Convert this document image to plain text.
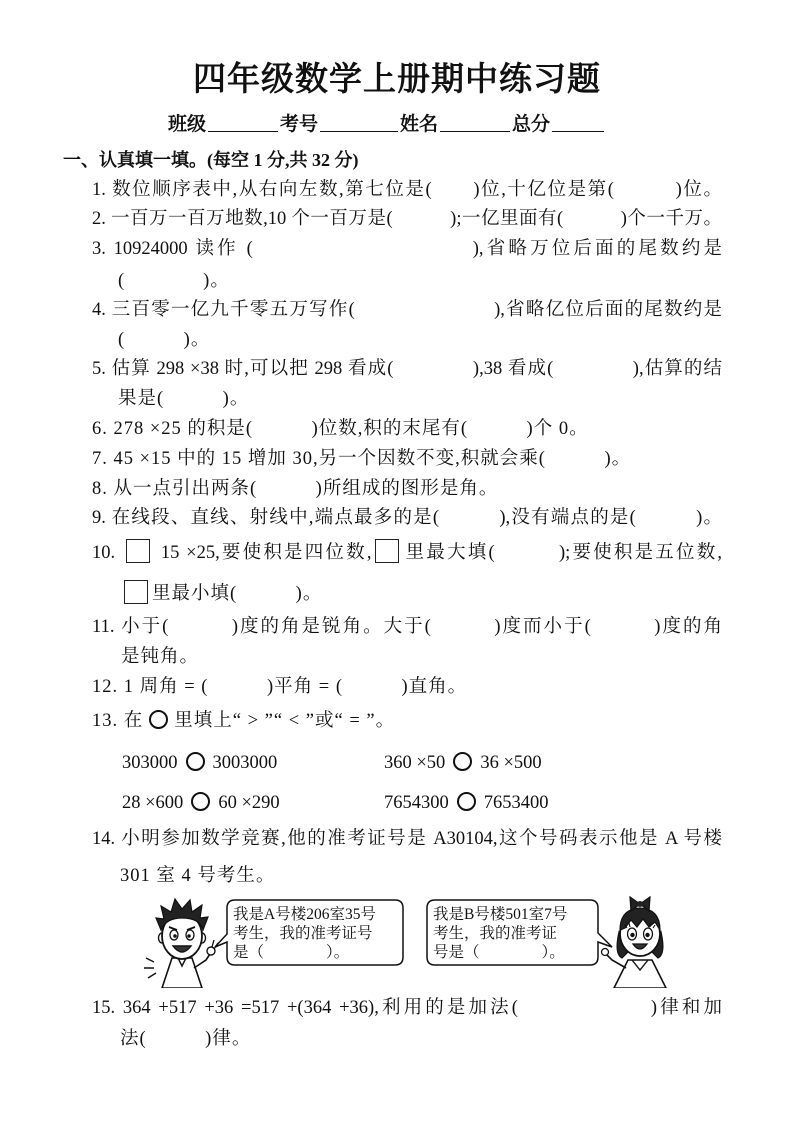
四年级数学上册期中练习题
班级	考号	姓名	总分
一、认真填一填。(每空 1 分,共 32 分)
1. 数位顺序表中,从右向左数,第七位是(　　)位,十亿位是第(　　　)位。
2. 一百万一百万地数,10 个一百万是(　　　);一亿里面有(　　　)个一千万。
3. 10924000 读作 (　　　　　　　　　　),省略万位后面的尾数约是
(　　　　)。
4. 三百零一亿九千零五万写作(　　　　　　　),省略亿位后面的尾数约是
(　　　)。
5. 估算 298 ×38 时,可以把 298 看成(　　　　),38 看成(　　　　),估算的结
果是(　　　)。
6. 278 ×25 的积是(　　　)位数,积的末尾有(　　　)个 0。
7. 45 ×15 中的 15 增加 30,另一个因数不变,积就会乘(　　　)。
8. 从一点引出两条(　　　)所组成的图形是角。
9. 在线段、直线、射线中,端点最多的是(　　　),没有端点的是(　　　)。
10. 15 ×25,要使积是四位数, 里最大填(　　　);要使积是五位数,
里最小填(　　　)。
11. 小于(　　　)度的角是锐角。大于(　　　)度而小于(　　　)度的角
是钝角。
12. 1 周角 = (　　　)平角 = (　　　)直角。
13. 在 里填上“ > ”“ < ”或“ = ”。
303000 3003000	360 ×50 36 ×500
28 ×600 60 ×290	7654300 7653400
14. 小明参加数学竞赛,他的准考证号是 A30104,这个号码表示他是 A 号楼
301 室 4 号考生。
我是A号楼206室35号
考生，我的准考证号
是（　　　　）。
我是B号楼501室7号
考生，我的准考证
号是（　　　　）。
15. 364 +517 +36 =517 +(364 +36),利用的是加法(　　　　　　)律和加
法(　　　)律。
